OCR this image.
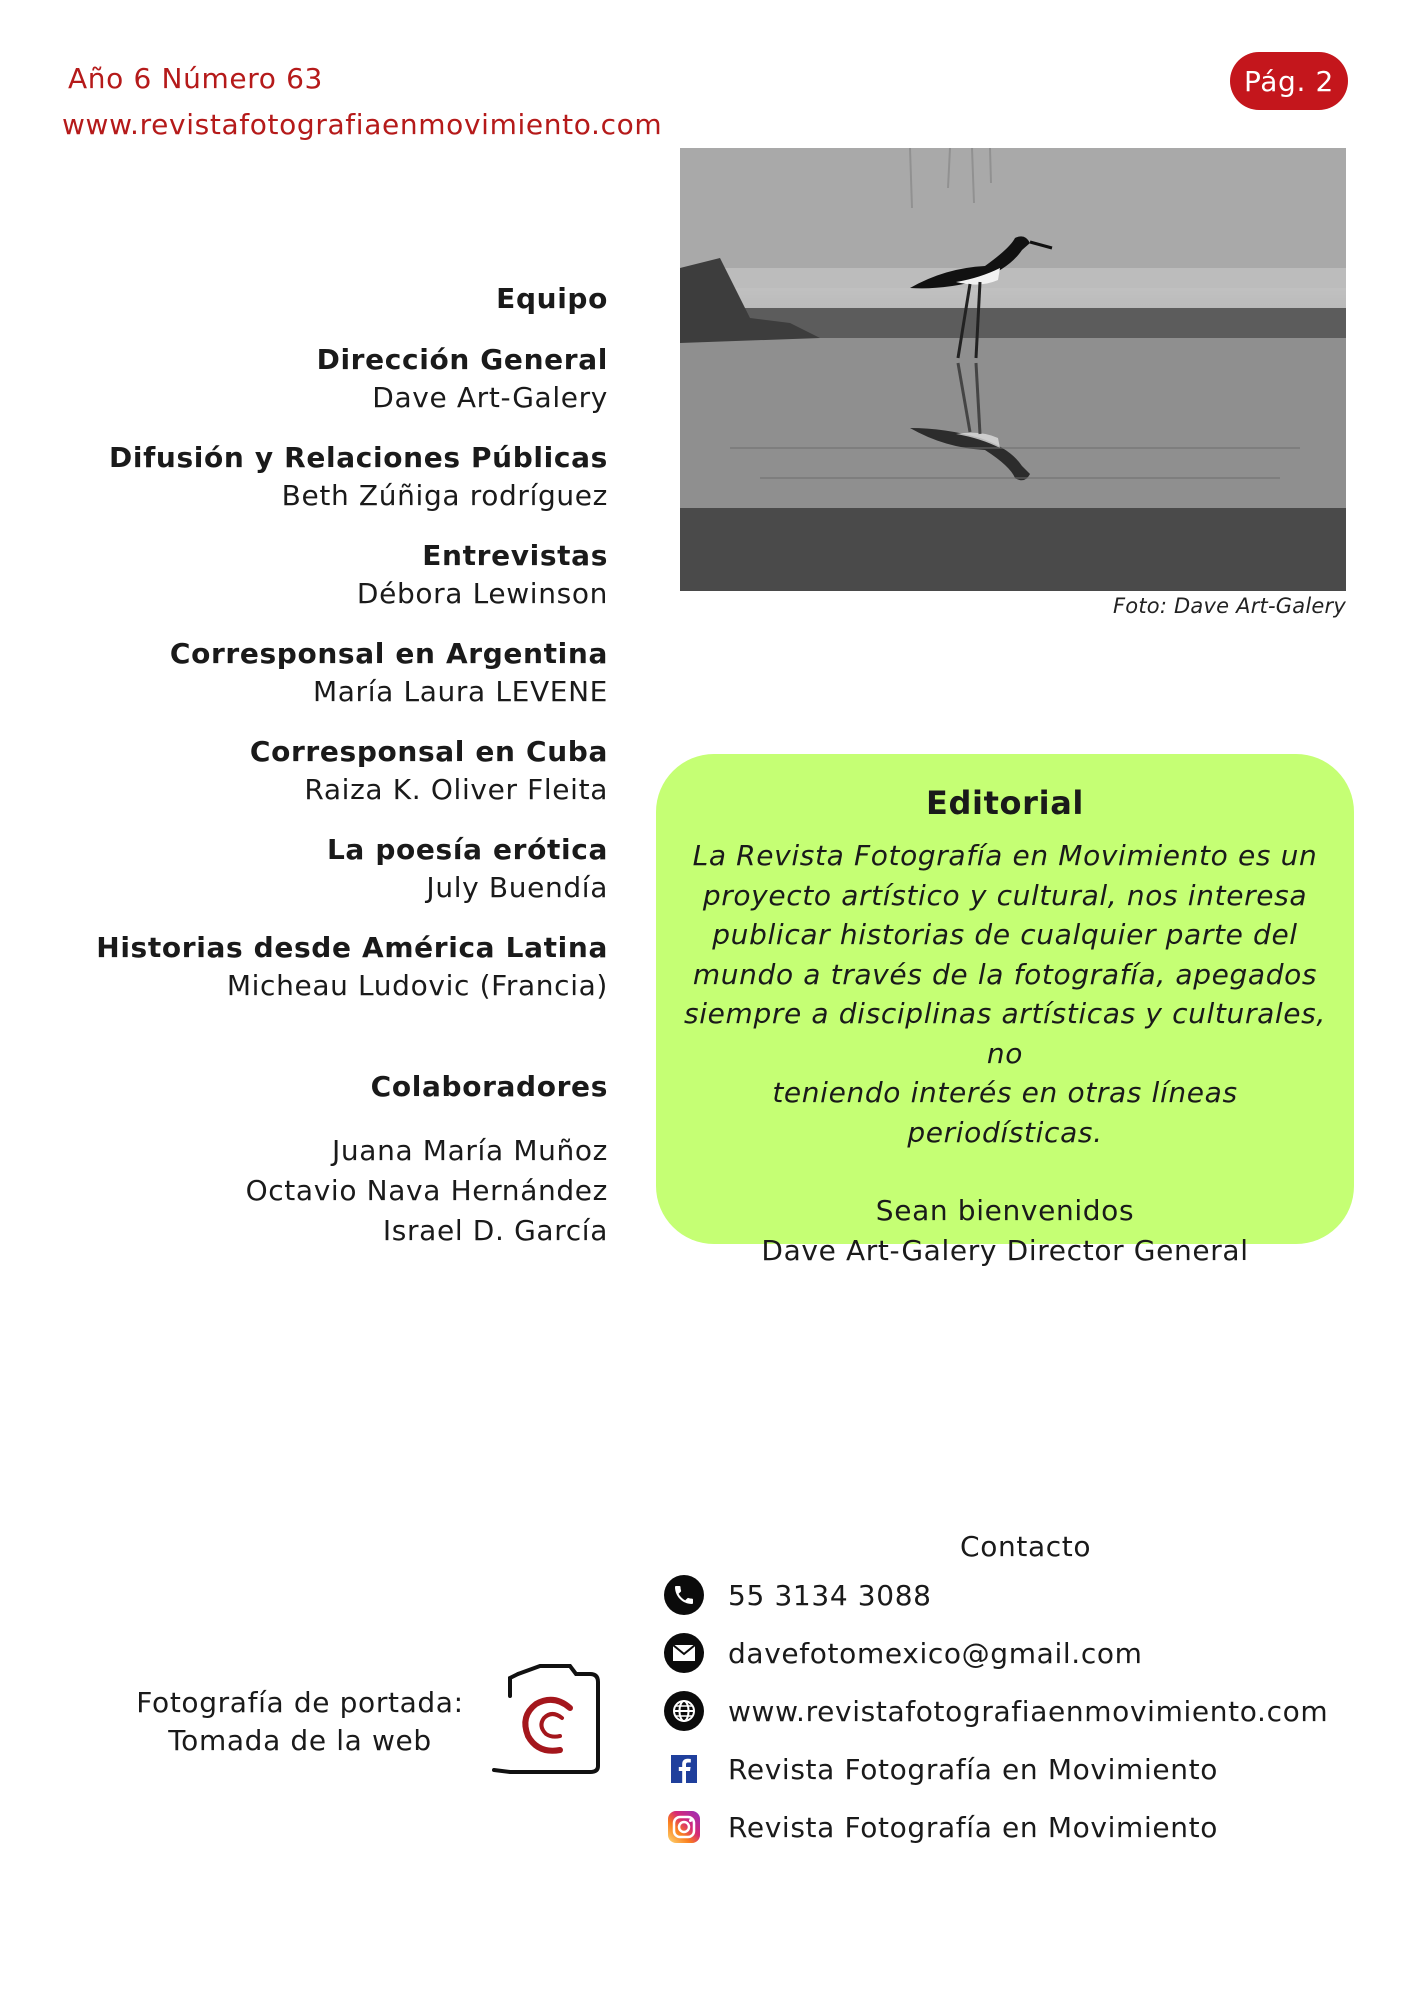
Año 6 Número 63
www.revistafotografiaenmovimiento.com
Pág. 2
Foto: Dave Art-Galery
Equipo
Dirección General
Dave Art-Galery
Difusión y Relaciones Públicas
Beth Zúñiga rodríguez
Entrevistas
Débora Lewinson
Corresponsal en Argentina
María Laura LEVENE
Corresponsal en Cuba
Raiza K. Oliver Fleita
La poesía erótica
July Buendía
Historias desde América Latina
Micheau Ludovic (Francia)
Colaboradores
Juana María Muñoz
Octavio Nava Hernández
Israel D. García
Editorial
La Revista Fotografía en Movimiento es un
proyecto artístico y cultural, nos interesa
publicar historias de cualquier parte del
mundo a través de la fotografía, apegados
siempre a disciplinas artísticas y culturales, no
teniendo interés en otras líneas periodísticas.
Sean bienvenidos
Dave Art-Galery Director General
Contacto
55 3134 3088
davefotomexico@gmail.com
www.revistafotografiaenmovimiento.com
Revista Fotografía en Movimiento
Revista Fotografía en Movimiento
Fotografía de portada:
Tomada de la web
